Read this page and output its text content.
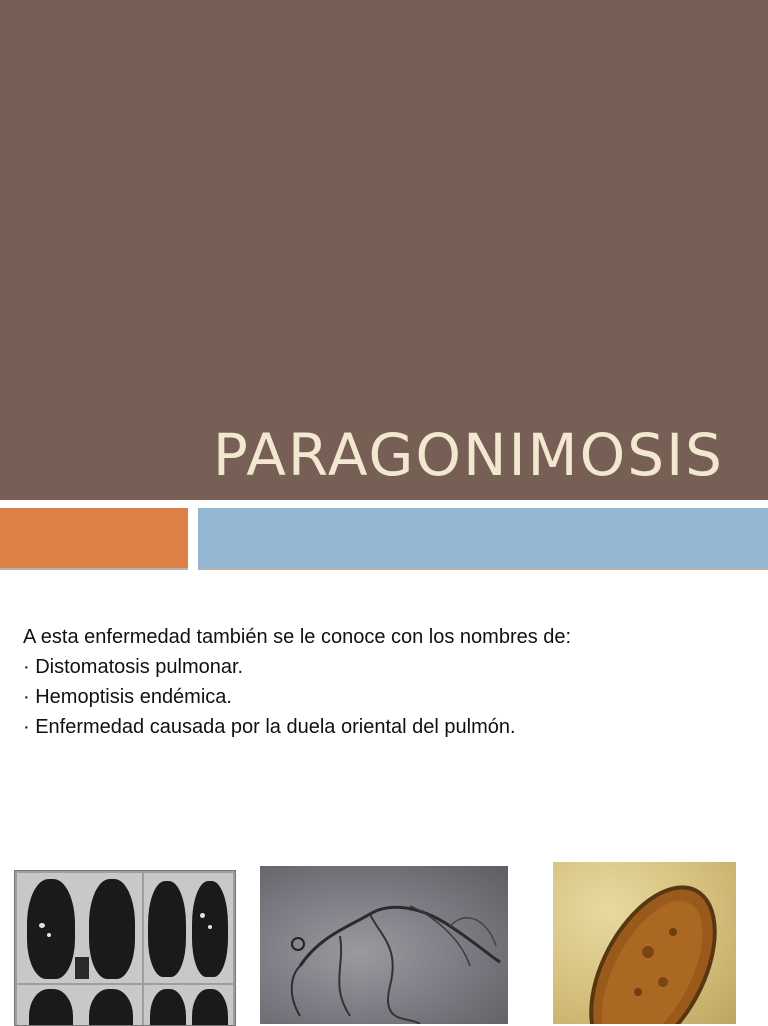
PARAGONIMOSIS

A esta enfermedad también se le conoce con los nombres de:

· Distomatosis pulmonar.
· Hemoptisis endémica.
· Enfermedad causada por la duela oriental del pulmón.
